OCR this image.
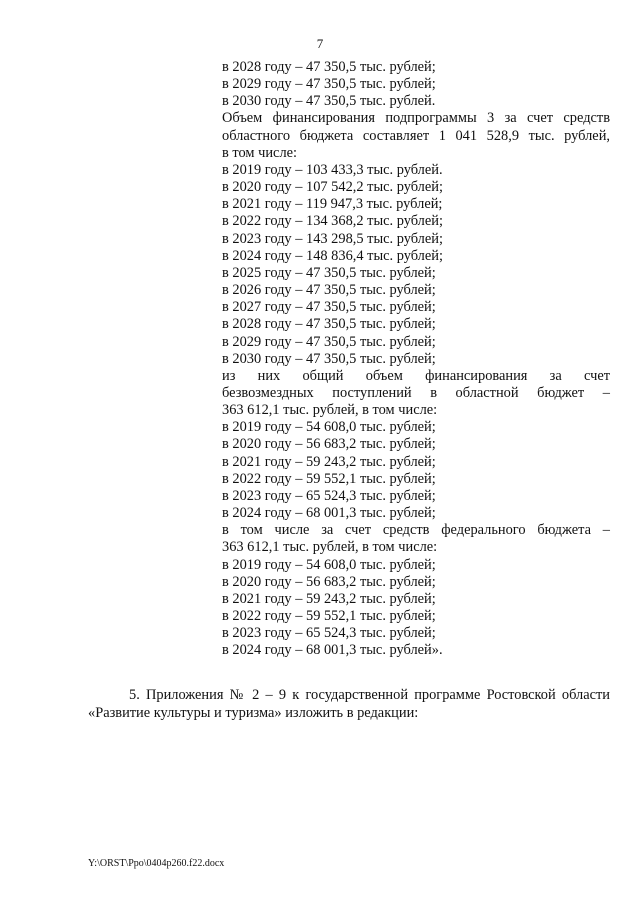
7
в 2028 году – 47 350,5 тыс. рублей;
в 2029 году – 47 350,5 тыс. рублей;
в 2030 году – 47 350,5 тыс. рублей.
Объем финансирования подпрограммы 3 за счет средств
областного бюджета составляет 1 041 528,9 тыс. рублей,
в том числе:
в 2019 году – 103 433,3 тыс. рублей.
в 2020 году – 107 542,2 тыс. рублей;
в 2021 году – 119 947,3 тыс. рублей;
в 2022 году – 134 368,2 тыс. рублей;
в 2023 году – 143 298,5 тыс. рублей;
в 2024 году – 148 836,4 тыс. рублей;
в 2025 году – 47 350,5 тыс. рублей;
в 2026 году – 47 350,5 тыс. рублей;
в 2027 году – 47 350,5 тыс. рублей;
в 2028 году – 47 350,5 тыс. рублей;
в 2029 году – 47 350,5 тыс. рублей;
в 2030 году – 47 350,5 тыс. рублей;
из них общий объем финансирования за счет
безвозмездных поступлений в областной бюджет –
363 612,1 тыс. рублей, в том числе:
в 2019 году – 54 608,0 тыс. рублей;
в 2020 году – 56 683,2 тыс. рублей;
в 2021 году – 59 243,2 тыс. рублей;
в 2022 году – 59 552,1 тыс. рублей;
в 2023 году – 65 524,3 тыс. рублей;
в 2024 году – 68 001,3 тыс. рублей;
в том числе за счет средств федерального бюджета –
363 612,1 тыс. рублей, в том числе:
в 2019 году – 54 608,0 тыс. рублей;
в 2020 году – 56 683,2 тыс. рублей;
в 2021 году – 59 243,2 тыс. рублей;
в 2022 году – 59 552,1 тыс. рублей;
в 2023 году – 65 524,3 тыс. рублей;
в 2024 году – 68 001,3 тыс. рублей».
5. Приложения № 2 – 9 к государственной программе Ростовской области
«Развитие культуры и туризма» изложить в редакции:
Y:\ORST\Ppo\0404p260.f22.docx
